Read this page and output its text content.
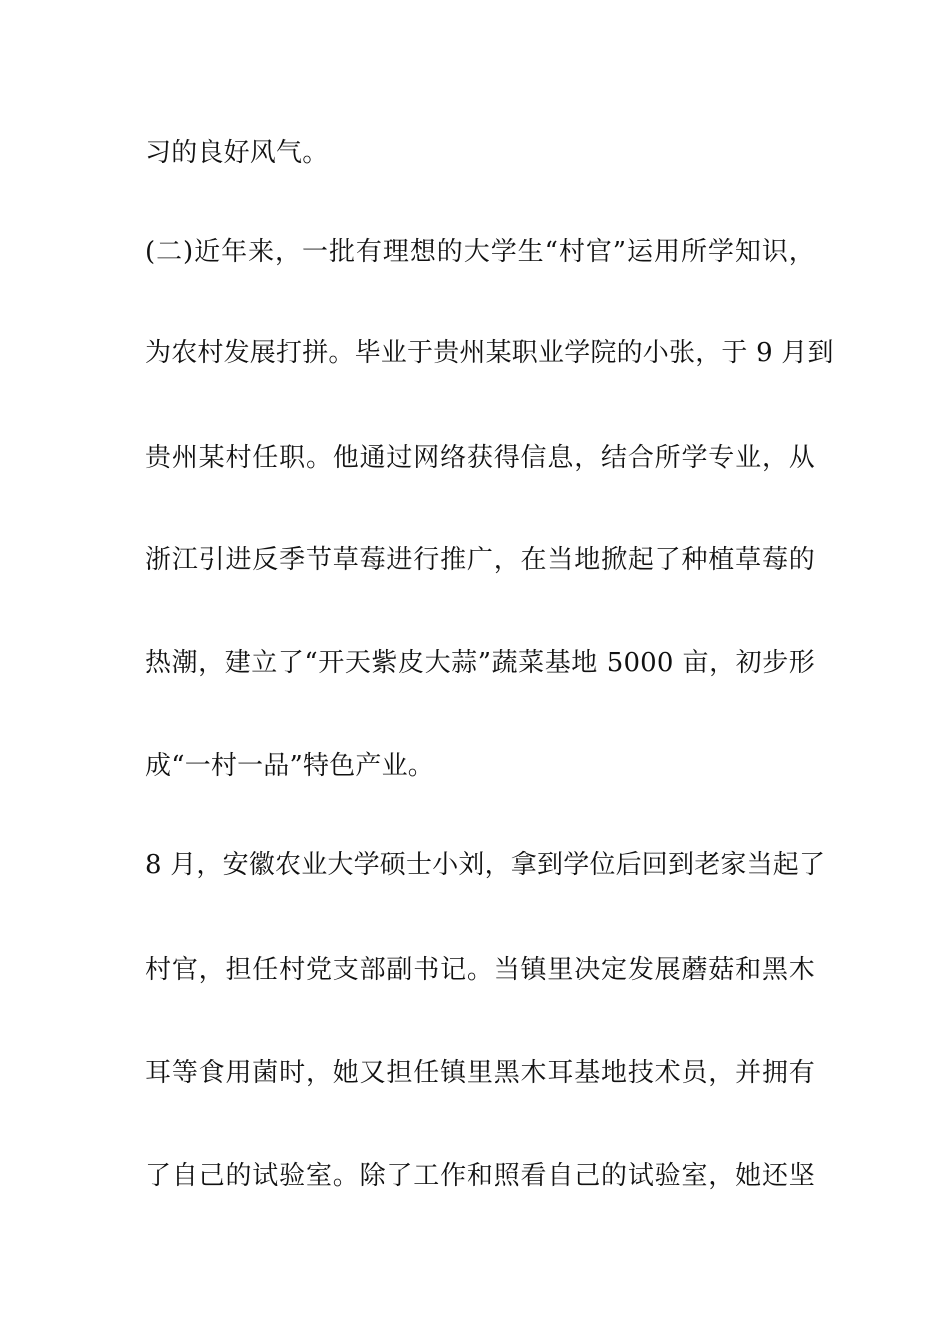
习的良好风气。
(二)近年来，一批有理想的大学生“村官”运用所学知识，
为农村发展打拼。毕业于贵州某职业学院的小张，于 9 月到
贵州某村任职。他通过网络获得信息，结合所学专业，从
浙江引进反季节草莓进行推广，在当地掀起了种植草莓的
热潮，建立了“开天紫皮大蒜”蔬菜基地 5000 亩，初步形
成“一村一品”特色产业。
8 月，安徽农业大学硕士小刘，拿到学位后回到老家当起了
村官，担任村党支部副书记。当镇里决定发展蘑菇和黑木
耳等食用菌时，她又担任镇里黑木耳基地技术员，并拥有
了自己的试验室。除了工作和照看自己的试验室，她还坚
